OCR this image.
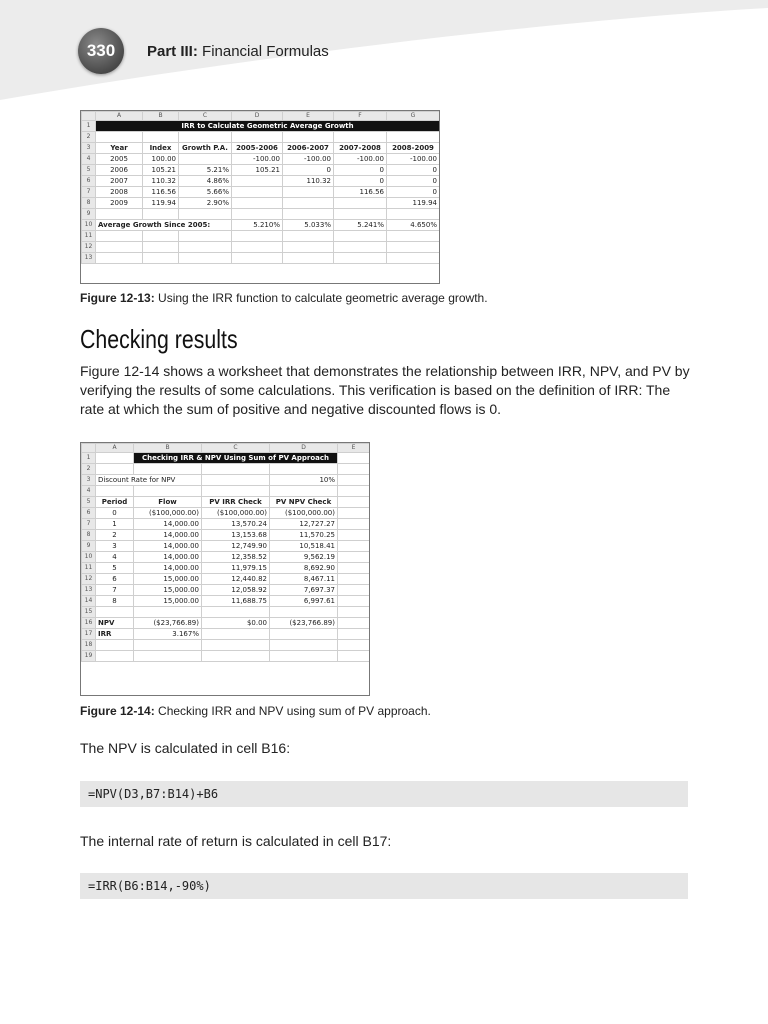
330 Part III: Financial Formulas
	A	B	C	D	E	F	G
1	IRR to Calculate Geometric Average Growth						
2							
3	Year	Index	Growth P.A.	2005-2006	2006-2007	2007-2008	2008-2009
4	2005	100.00		-100.00	-100.00	-100.00	-100.00
5	2006	105.21	5.21%	105.21	0	0	0
6	2007	110.32	4.86%		110.32	0	0
7	2008	116.56	5.66%			116.56	0
8	2009	119.94	2.90%				119.94
9							
10	Average Growth Since 2005:			5.210%	5.033%	5.241%	4.650%
11							
12							
13							
Figure 12-13: Using the IRR function to calculate geometric average growth.
Checking results
Figure 12-14 shows a worksheet that demonstrates the relationship between IRR, NPV, and PV by verifying the results of some calculations. This verification is based on the definition of IRR: The rate at which the sum of positive and negative discounted flows is 0.
	A	B	C	D	E
1		Checking IRR & NPV Using Sum of PV Approach			
2					
3	Discount Rate for NPV			10%	
4					
5	Period	Flow	PV IRR Check	PV NPV Check	
6	0	($100,000.00)	($100,000.00)	($100,000.00)	
7	1	14,000.00	13,570.24	12,727.27	
8	2	14,000.00	13,153.68	11,570.25	
9	3	14,000.00	12,749.90	10,518.41	
10	4	14,000.00	12,358.52	9,562.19	
11	5	14,000.00	11,979.15	8,692.90	
12	6	15,000.00	12,440.82	8,467.11	
13	7	15,000.00	12,058.92	7,697.37	
14	8	15,000.00	11,688.75	6,997.61	
15					
16	NPV	($23,766.89)	$0.00	($23,766.89)	
17	IRR	3.167%			
18					
19					
Figure 12-14: Checking IRR and NPV using sum of PV approach.
The NPV is calculated in cell B16:
=NPV(D3,B7:B14)+B6
The internal rate of return is calculated in cell B17:
=IRR(B6:B14,-90%)
